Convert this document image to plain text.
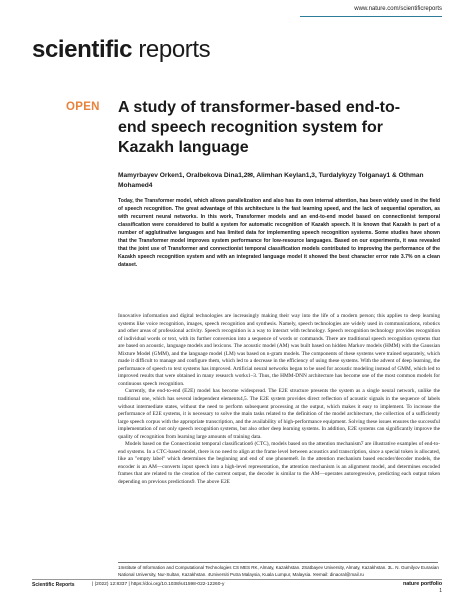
www.nature.com/scientificreports
scientific reports
OPEN A study of transformer-based end-to-end speech recognition system for Kazakh language
Mamyrbayev Orken1, Oralbekova Dina1,2✉, Alimhan Keylan1,3, Turdalykyzy Tolganay1 & Othman Mohamed4
Today, the Transformer model, which allows parallelization and also has its own internal attention, has been widely used in the field of speech recognition. The great advantage of this architecture is the fast learning speed, and the lack of sequential operation, as with recurrent neural networks. In this work, Transformer models and an end-to-end model based on connectionist temporal classification were considered to build a system for automatic recognition of Kazakh speech. It is known that Kazakh is part of a number of agglutinative languages and has limited data for implementing speech recognition systems. Some studies have shown that the Transformer model improves system performance for low-resource languages. Based on our experiments, it was revealed that the joint use of Transformer and connectionist temporal classification models contributed to improving the performance of the Kazakh speech recognition system and with an integrated language model it showed the best character error rate 3.7% on a clean dataset.

Innovative information and digital technologies are increasingly making their way into the life of a modern person; this applies to deep learning systems like voice recognition, images, speech recognition and synthesis. Namely, speech technologies are widely used in communications, robotics and other areas of professional activity. Speech recognition is a way to interact with technology. Speech recognition technology provides recognition of individual words or text, with its further conversion into a sequence of words or commands. There are traditional speech recognition systems that are based on acoustic, language models and lexicons. The acoustic model (AM) was built based on hidden Markov models (HMM) with the Gaussian Mixture Model (GMM), and the language model (LM) was based on n-gram models. The components of these systems were trained separately, which made it difficult to manage and configure them, which led to a decrease in the efficiency of using these systems. With the advent of deep learning, the performance of speech to text systems has improved. Artificial neural networks began to be used for acoustic modeling instead of GMM, which led to improved results that were obtained in many research works1–3. Thus, the HMM-DNN architecture has become one of the most common models for continuous speech recognition.

Currently, the end-to-end (E2E) model has become widespread. The E2E structure presents the system as a single neural network, unlike the traditional one, which has several independent elements4,5. The E2E system provides direct reflection of acoustic signals in the sequence of labels without intermediate states, without the need to perform subsequent processing at the output, which makes it easy to implement. To increase the performance of E2E systems, it is necessary to solve the main tasks related to the definition of the model architecture, the collection of a sufficiently large speech corpus with the appropriate transcription, and the availability of high-performance equipment. Solving these issues ensures the successful implementation of not only speech recognition systems, but also other deep learning systems. In addition, E2E systems can significantly improve the quality of recognition from learning large amounts of training data.

Models based on the Connectionist temporal classification6 (CTC), models based on the attention mechanism7 are illustrative examples of end-to-end systems. In a CTC-based model, there is no need to align at the frame level between acoustics and transcription, since a special token is allocated, like an "empty label" which determines the beginning and end of one phoneme8. In the attention mechanism based encoder/decoder models, the encoder is an AM—converts input speech into a high-level representation, the attention mechanism is an alignment model, and determines encoded frames that are related to the creation of the current output, the decoder is similar to the AM—operates autoregressive, predicting each output token depending on previous predictions9. The above E2E

1Institute of Information and Computational Technologies CS MES RK, Almaty, Kazakhstan. 2Satbayev University, Almaty, Kazakhstan. 3L. N. Gumilyov Eurasian National University, Nur-Sultan, Kazakhstan. 4Universiti Putra Malaysia, Kuala Lumpur, Malaysia. ✉email: dinaoral@mail.ru
Scientific Reports	| (2022) 12:8337 | https://doi.org/10.1038/s41598-022-12260-y	nature portfolio
1
